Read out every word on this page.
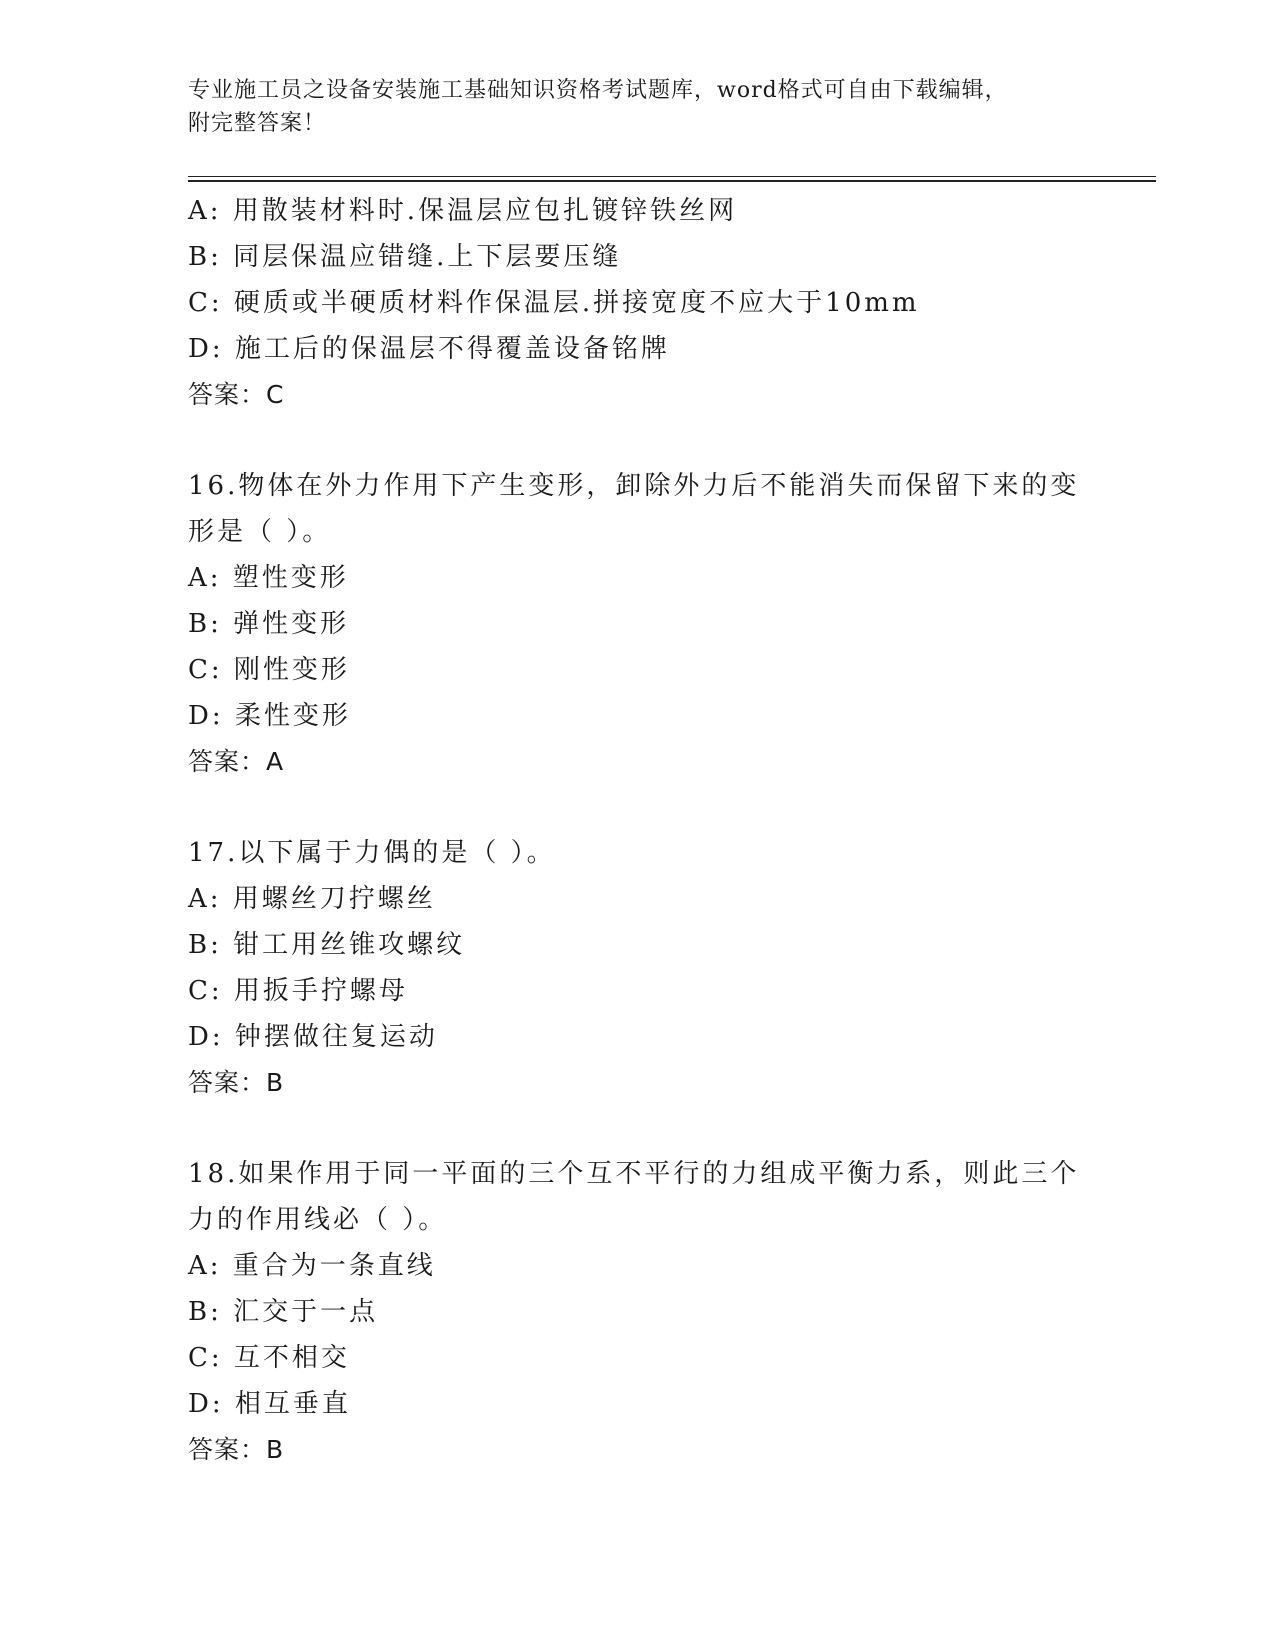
专业施工员之设备安装施工基础知识资格考试题库，word格式可自由下载编辑，
附完整答案！
A: 用散装材料时.保温层应包扎镀锌铁丝网
B: 同层保温应错缝.上下层要压缝
C: 硬质或半硬质材料作保温层.拼接宽度不应大于10mm
D: 施工后的保温层不得覆盖设备铭牌
答案：C
16.物体在外力作用下产生变形，卸除外力后不能消失而保留下来的变
形是（ ）。
A: 塑性变形
B: 弹性变形
C: 刚性变形
D: 柔性变形
答案：A
17.以下属于力偶的是（ ）。
A: 用螺丝刀拧螺丝
B: 钳工用丝锥攻螺纹
C: 用扳手拧螺母
D: 钟摆做往复运动
答案：B
18.如果作用于同一平面的三个互不平行的力组成平衡力系，则此三个
力的作用线必（ ）。
A: 重合为一条直线
B: 汇交于一点
C: 互不相交
D: 相互垂直
答案：B
